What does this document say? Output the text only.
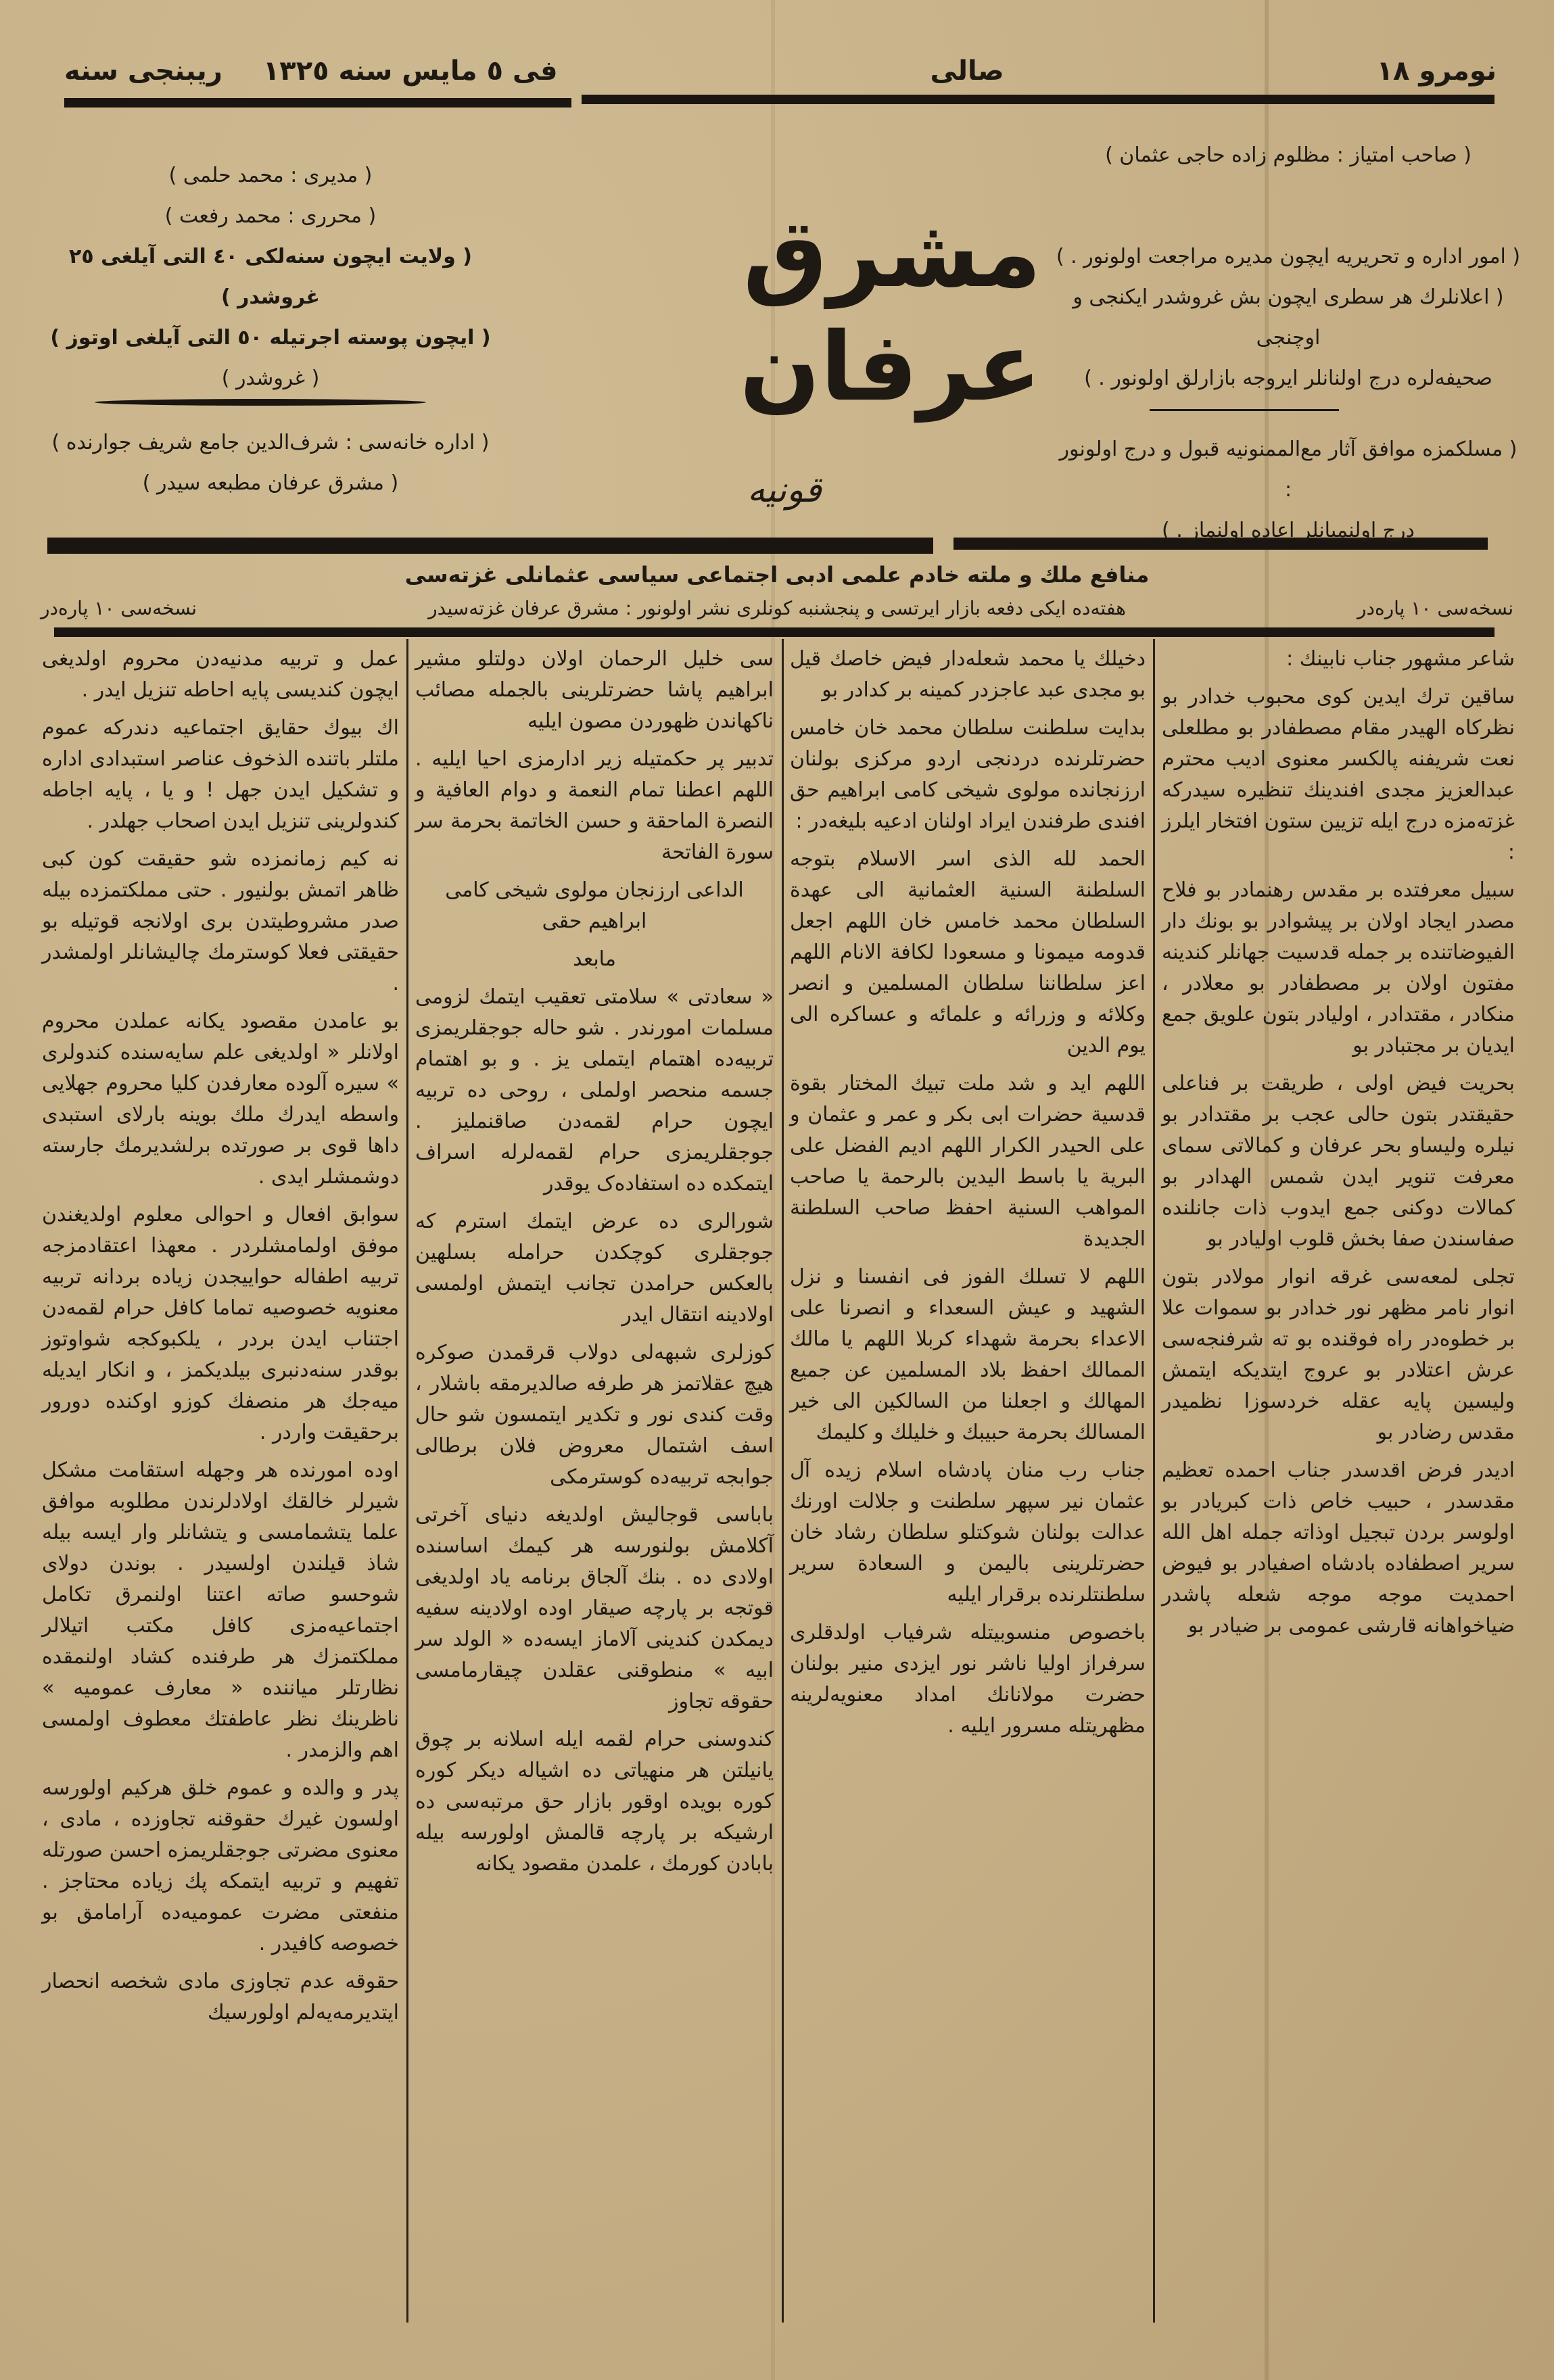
نومرو ۱۸
صالی
فی ٥ مایس سنه ١٣٢٥
ریبنجی سنه
( مدیری : محمد حلمی )
( محرری : محمد رفعت )
( ولایت ایچون سنه‌لکی ٤٠ التی آیلغی ٢٥ غروشدر )
( ایچون پوسته اجرتیله ٥٠ التی آیلغی اوتوز )
( غروشدر )
( اداره خانه‌سی : شرف‌الدین جامع شریف جوارنده )
( مشرق عرفان مطبعه سیدر )
مشرق عرفان
قونیه
( صاحب امتیاز : مظلوم زاده حاجی عثمان )
( امور اداره و تحریریه ایچون مدیره مراجعت اولونور . )
( اعلانلرك هر سطری ایچون بش غروشدر ایکنجی و اوچنجی
صحیفه‌لره درج اولنانلر ایروجه بازارلق اولونور . )
( مسلکمزه موافق آثار مع‌الممنونیه قبول و درج اولونور :
درج اولنمیانلر اعاده اولنماز . )
منافع ملك و ملته خادم علمی ادبی اجتماعی سیاسی عثمانلی غزته‌سی
نسخه‌سی ١٠ پاره‌در
هفته‌ده ایکی دفعه بازار ایرتسی و پنجشنبه کونلری نشر اولونور : مشرق عرفان غزته‌سیدر
نسخه‌سی ١٠ پاره‌در

شاعر مشهور جناب نابینك :

ساقین ترك ایدین کوی محبوب خدادر بو نظرکاه الهیدر مقام مصطفادر بو مطلعلی نعت شریفنه پالکسر معنوی ادیب محترم عبدالعزیز مجدی افندینك تنظیره سیدرکه غزته‌مزه درج ایله تزیین ستون افتخار ایلرز :

سبیل معرفتده بر مقدس رهنمادر بو فلاح مصدر ایجاد اولان بر پیشوادر بو بونك دار الفیوضاتنده بر جمله قدسیت جهانلر کندینه مفتون اولان بر مصطفادر بو معلادر ، منکادر ، مقتدادر ، اولیادر بتون علویق جمع ایدیان بر مجتبادر بو

بحریت فیض اولی ، طریقت بر فناعلی حقیقتدر بتون حالی عجب بر مقتدادر بو نیلره ولیساو بحر عرفان و کمالاتی سمای معرفت تنویر ایدن شمس الهدادر بو کمالات دوکنی جمع ایدوب ذات جانلنده صفاسندن صفا بخش قلوب اولیادر بو

تجلی لمعه‌سی غرقه انوار مولادر بتون انوار نامر مظهر نور خدادر بو سموات علا بر خطوه‌در راه فوقنده بو ته شرفنجه‌سی عرش اعتلادر بو عروج ایتدیکه ایتمش ولیسین پایه عقله خردسوزا نظمیدر مقدس رضادر بو

ادیدر فرض اقدسدر جناب احمده تعظیم مقدسدر ، حبیب خاص ذات کبریادر بو اولوسر بردن تبجیل اوذاته جمله اهل الله سریر اصطفاده بادشاه اصفیادر بو فیوض احمدیت موجه موجه شعله پاشدر ضیاخواهانه قارشی عمومی بر ضیادر بو

دخیلك یا محمد شعله‌دار فیض خاصك قیل بو مجدی عبد عاجزدر کمینه بر کدادر بو

بدایت سلطنت سلطان محمد خان خامس حضرتلرنده دردنجی اردو مرکزی بولنان ارزنجانده مولوی شیخی کامی ابراهیم حق افندی طرفندن ایراد اولنان ادعیه بلیغه‌در :

الحمد لله الذی اسر الاسلام بتوجه السلطنة السنیة العثمانیة الی عهدة السلطان محمد خامس خان اللهم اجعل قدومه میمونا و مسعودا لکافة الانام اللهم اعز سلطاننا سلطان المسلمین و انصر وکلائه و وزرائه و علمائه و عساکره الی یوم الدین

اللهم اید و شد ملت تبیك المختار بقوة قدسیة حضرات ابی بکر و عمر و عثمان و علی الحیدر الکرار اللهم ادیم الفضل علی البریة یا باسط الیدین بالرحمة یا صاحب المواهب السنیة احفظ صاحب السلطنة الجدیدة

اللهم لا تسلك الفوز فی انفسنا و نزل الشهید و عیش السعداء و انصرنا علی الاعداء بحرمة شهداء کربلا اللهم یا مالك الممالك احفظ بلاد المسلمین عن جمیع المهالك و اجعلنا من السالکین الی خیر المسالك بحرمة حبیبك و خلیلك و کلیمك

جناب رب منان پادشاه اسلام زیده آل عثمان نیر سپهر سلطنت و جلالت اورنك عدالت بولنان شوکتلو سلطان رشاد خان حضرتلرینی بالیمن و السعادة سریر سلطنتلرنده برقرار ایلیه

باخصوص منسوبیتله شرفیاب اولدقلری سرفراز اولیا ناشر نور ایزدی منیر بولنان حضرت مولانانك امداد معنویه‌لرینه مظهریتله مسرور ایلیه .

سی خلیل الرحمان اولان دولتلو مشیر ابراهیم پاشا حضرتلرینی بالجمله مصائب ناکهاندن ظهوردن مصون ایلیه

تدبیر پر حکمتیله زیر ادارمزی احیا ایلیه . اللهم اعطنا تمام النعمة و دوام العافیة و النصرة الماحقة و حسن الخاتمة بحرمة سر سورة الفاتحة

الداعی ارزنجان مولوی شیخی کامی ابراهیم حقی

مابعد

« سعادتی » سلامتی تعقیب ایتمك لزومی مسلمات امورندر . شو حاله جوجقلریمزی تربیه‌ده اهتمام ایتملی یز . و بو اهتمام جسمه منحصر اولملی ، روحی ده تربیه ایچون حرام لقمه‌دن صاقنملیز . جوجقلریمزی حرام لقمه‌لرله اسراف ایتمکده ده استفاده‌ک یوقدر

شورالری ده عرض ایتمك استرم که جوجقلری کوچکدن حرامله بسلهین بالعکس حرامدن تجانب ایتمش اولمسی اولادینه انتقال ایدر

کوزلری شبهه‌لی دولاب قرقمدن صوکره هیچ عقلاتمز هر طرفه صالدیرمقه باشلار ، وقت کندی نور و تکدیر ایتمسون شو حال اسف اشتمال معروض فلان برطالی جوابجه تربیه‌ده کوسترمکی

باباسی قوجالیش اولدیغه دنیای آخرتی آکلامش بولنورسه هر کیمك اساسنده اولادی ده . بنك آلجاق برنامه یاد اولدیغی قوتجه بر پارچه صیقار اوده اولادینه سفیه دیمکدن کندینی آلاماز ایسه‌ده « الولد سر ابیه » منطوقنی عقلدن چیقارمامسی حقوقه تجاوز

کندوسنی حرام لقمه ایله اسلانه بر چوق یانیلتن هر منهیاتی ده اشیاله دیکر کوره کوره بویده اوقور بازار حق مرتبه‌سی ده ارشیکه بر پارچه قالمش اولورسه بیله بابادن کورمك ، علمدن مقصود یکانه

عمل و تربیه مدنیه‌دن محروم اولدیغی ایچون کندیسی پایه احاطه تنزیل ایدر .

اك بیوك حقایق اجتماعیه دندرکه عموم ملتلر باتنده الذخوف عناصر استبدادی اداره و تشکیل ایدن جهل ! و یا ، پایه اجاطه کندولرینی تنزیل ایدن اصحاب جهلدر .

نه کیم زمانمزده شو حقیقت کون کبی ظاهر اتمش بولنیور . حتی مملکتمزده بیله صدر مشروطیتدن بری اولانجه قوتیله بو حقیقتی فعلا کوسترمك چالیشانلر اولمشدر .

بو عامدن مقصود یکانه عملدن محروم اولانلر « اولدیغی علم سایه‌سنده کندولری » سیره آلوده معارفدن کلیا محروم جهلایی واسطه ایدرك ملك بوینه بارلای استبدی داها قوی بر صورتده برلشدیرمك جارسته دوشمشلر ایدی .

سوابق افعال و احوالی معلوم اولدیغندن موفق اولمامشلردر . معهذا اعتقادمزجه تربیه اطفاله حواییجدن زیاده بردانه تربیه معنویه خصوصیه تماما کافل حرام لقمه‌دن اجتناب ایدن بردر ، یلکبوکجه شواوتوز بوقدر سنه‌دنبری بیلدیکمز ، و انکار ایدیله میه‌جك هر منصفك کوزو اوکنده دورور برحقیقت واردر .

اوده امورنده هر وجهله استقامت مشکل شیرلر خالقك اولادلرندن مطلوبه موافق علما یتشمامسی و یتشانلر وار ایسه بیله شاذ قیلندن اولسیدر . بوندن دولای شوحسو صاته اعتنا اولنمرق تکامل اجتماعیه‌مزی کافل مکتب اتیلالر مملکتمزك هر طرفنده کشاد اولنمقده نظارتلر میاننده « معارف عمومیه » ناظرینك نظر عاطفتك معطوف اولمسی اهم والزمدر .

پدر و والده و عموم خلق هرکیم اولورسه اولسون غیرك حقوقنه تجاوزده ، مادی ، معنوی مضرتی جوجقلریمزه احسن صورتله تفهیم و تربیه ایتمکه پك زیاده محتاجز . منفعتی مضرت عمومیه‌ده آرامامق بو خصوصه کافیدر .

حقوقه عدم تجاوزی مادی شخصه انحصار ایتدیرمه‌یه‌لم اولورسیك
